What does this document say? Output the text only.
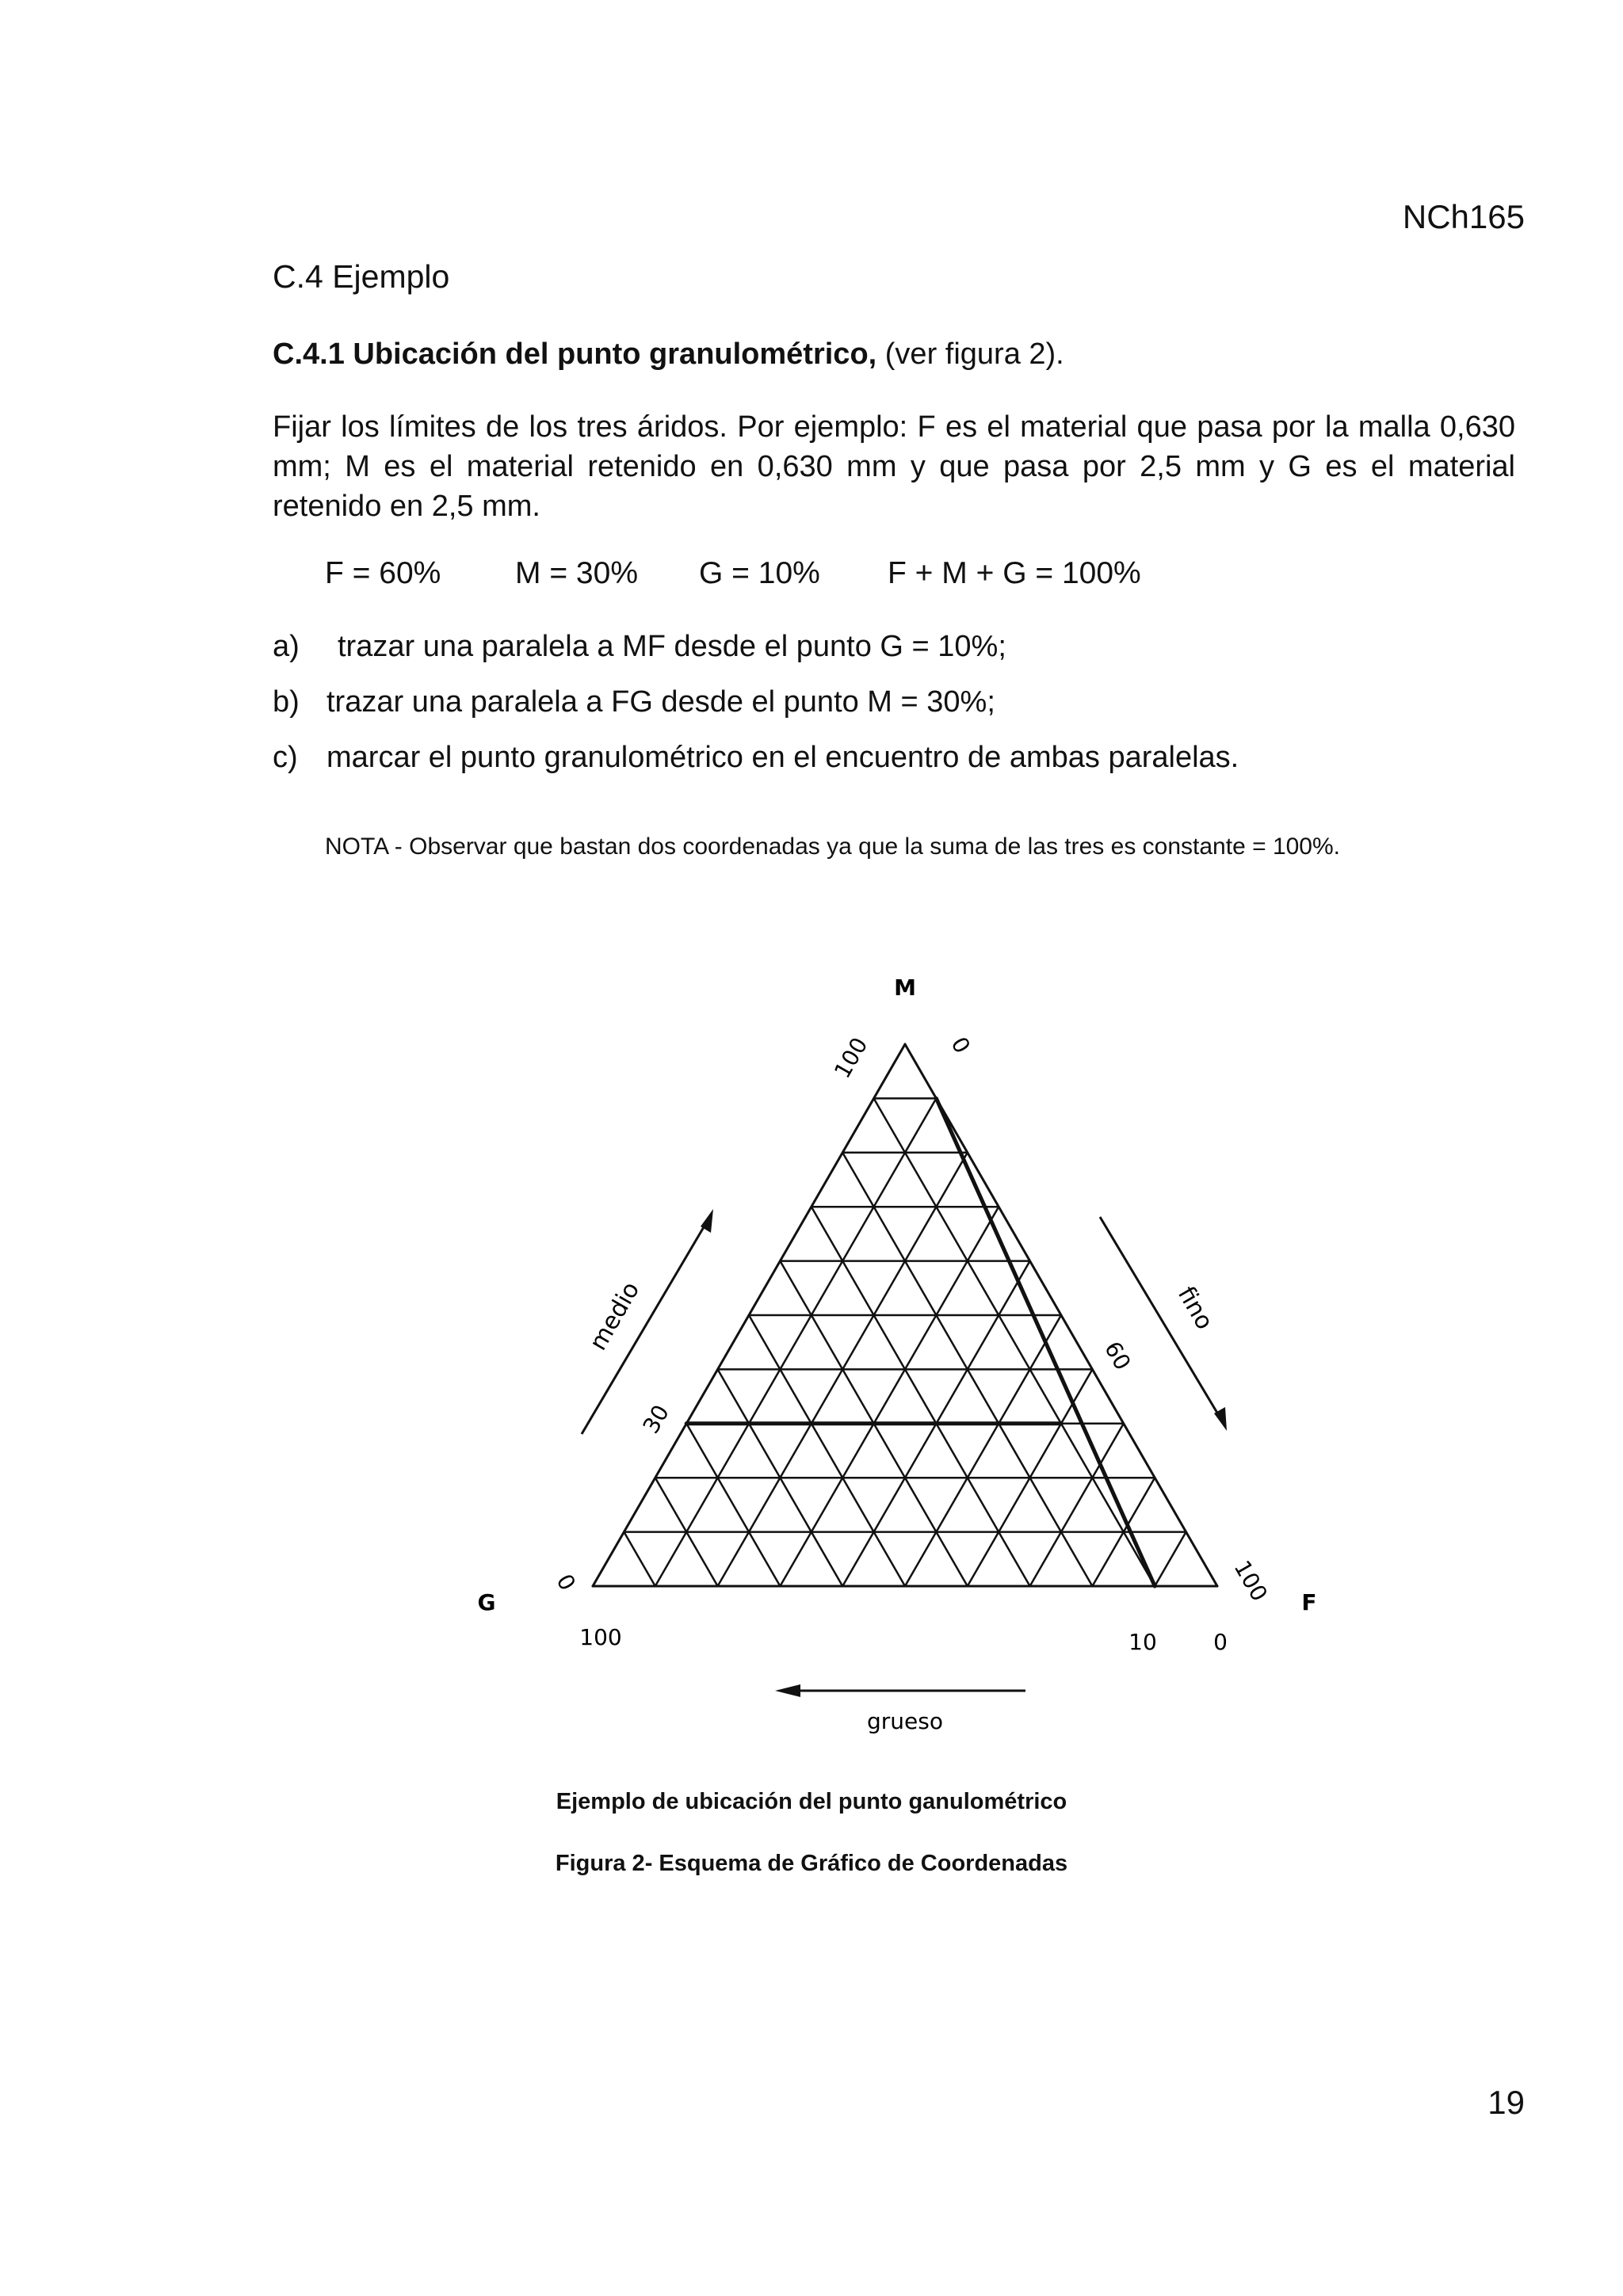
NCh165
C.4 Ejemplo
C.4.1 Ubicación del punto granulométrico, (ver figura 2).
Fijar los límites de los tres áridos. Por ejemplo: F es el material que pasa por la malla 0,630 mm; M es el material retenido en 0,630 mm y que pasa por 2,5 mm y G es el material retenido en 2,5 mm.
F = 60% M = 30% G = 10% F + M + G = 100%
a) trazar una paralela a MF desde el punto G = 10%;
b) trazar una paralela a FG desde el punto M = 30%;
c) marcar el punto granulométrico en el encuentro de ambas paralelas.
NOTA - Observar que bastan dos coordenadas ya que la suma de las tres es constante = 100%.
M
G	F
100	0
0	100
medio	fino
grueso
30
60
100	10	0
Ejemplo de ubicación del punto ganulométrico
Figura 2- Esquema de Gráfico de Coordenadas
19
